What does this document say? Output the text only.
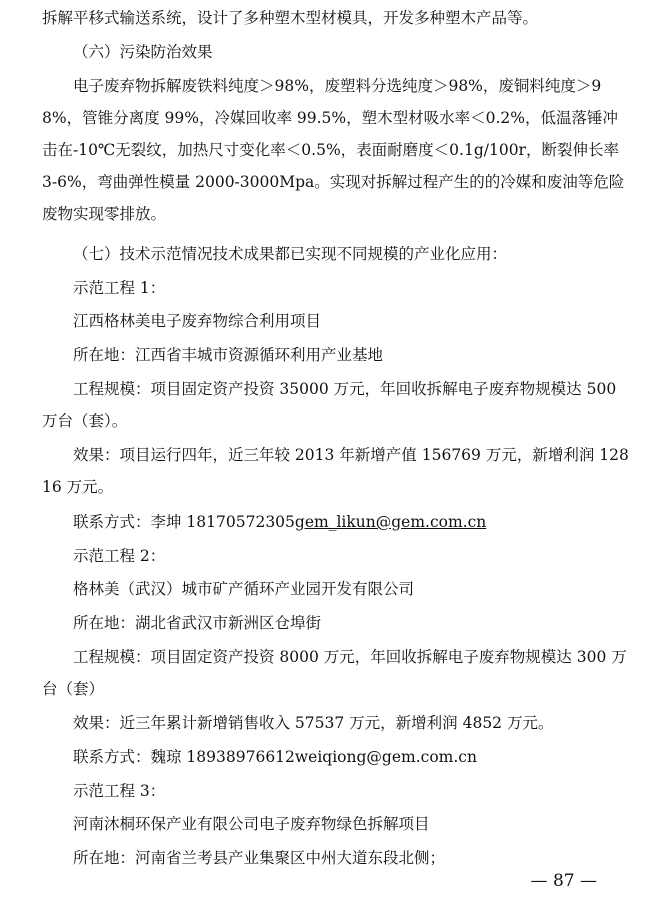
拆解平移式输送系统，设计了多种塑木型材模具，开发多种塑木产品等。

（六）污染防治效果

电子废弃物拆解废铁料纯度＞98%，废塑料分选纯度＞98%，废铜料纯度＞98%，管锥分离度 99%，冷媒回收率 99.5%，塑木型材吸水率＜0.2%，低温落锤冲击在-10℃无裂纹，加热尺寸变化率＜0.5%，表面耐磨度＜0.1g/100r，断裂伸长率 3-6%，弯曲弹性模量 2000-3000Mpa。实现对拆解过程产生的的冷媒和废油等危险废物实现零排放。

（七）技术示范情况技术成果都已实现不同规模的产业化应用：

示范工程 1：

江西格林美电子废弃物综合利用项目

所在地：江西省丰城市资源循环利用产业基地

工程规模：项目固定资产投资 35000 万元，年回收拆解电子废弃物规模达 500 万台（套）。

效果：项目运行四年，近三年较 2013 年新增产值 156769 万元，新增利润 12816 万元。

联系方式：李坤 18170572305gem_likun@gem.com.cn

示范工程 2：

格林美（武汉）城市矿产循环产业园开发有限公司

所在地：湖北省武汉市新洲区仓埠街

工程规模：项目固定资产投资 8000 万元，年回收拆解电子废弃物规模达 300 万台（套）

效果：近三年累计新增销售收入 57537 万元，新增利润 4852 万元。

联系方式：魏琼 18938976612weiqiong@gem.com.cn

示范工程 3：

河南沐桐环保产业有限公司电子废弃物绿色拆解项目

所在地：河南省兰考县产业集聚区中州大道东段北侧；

— 87 —
